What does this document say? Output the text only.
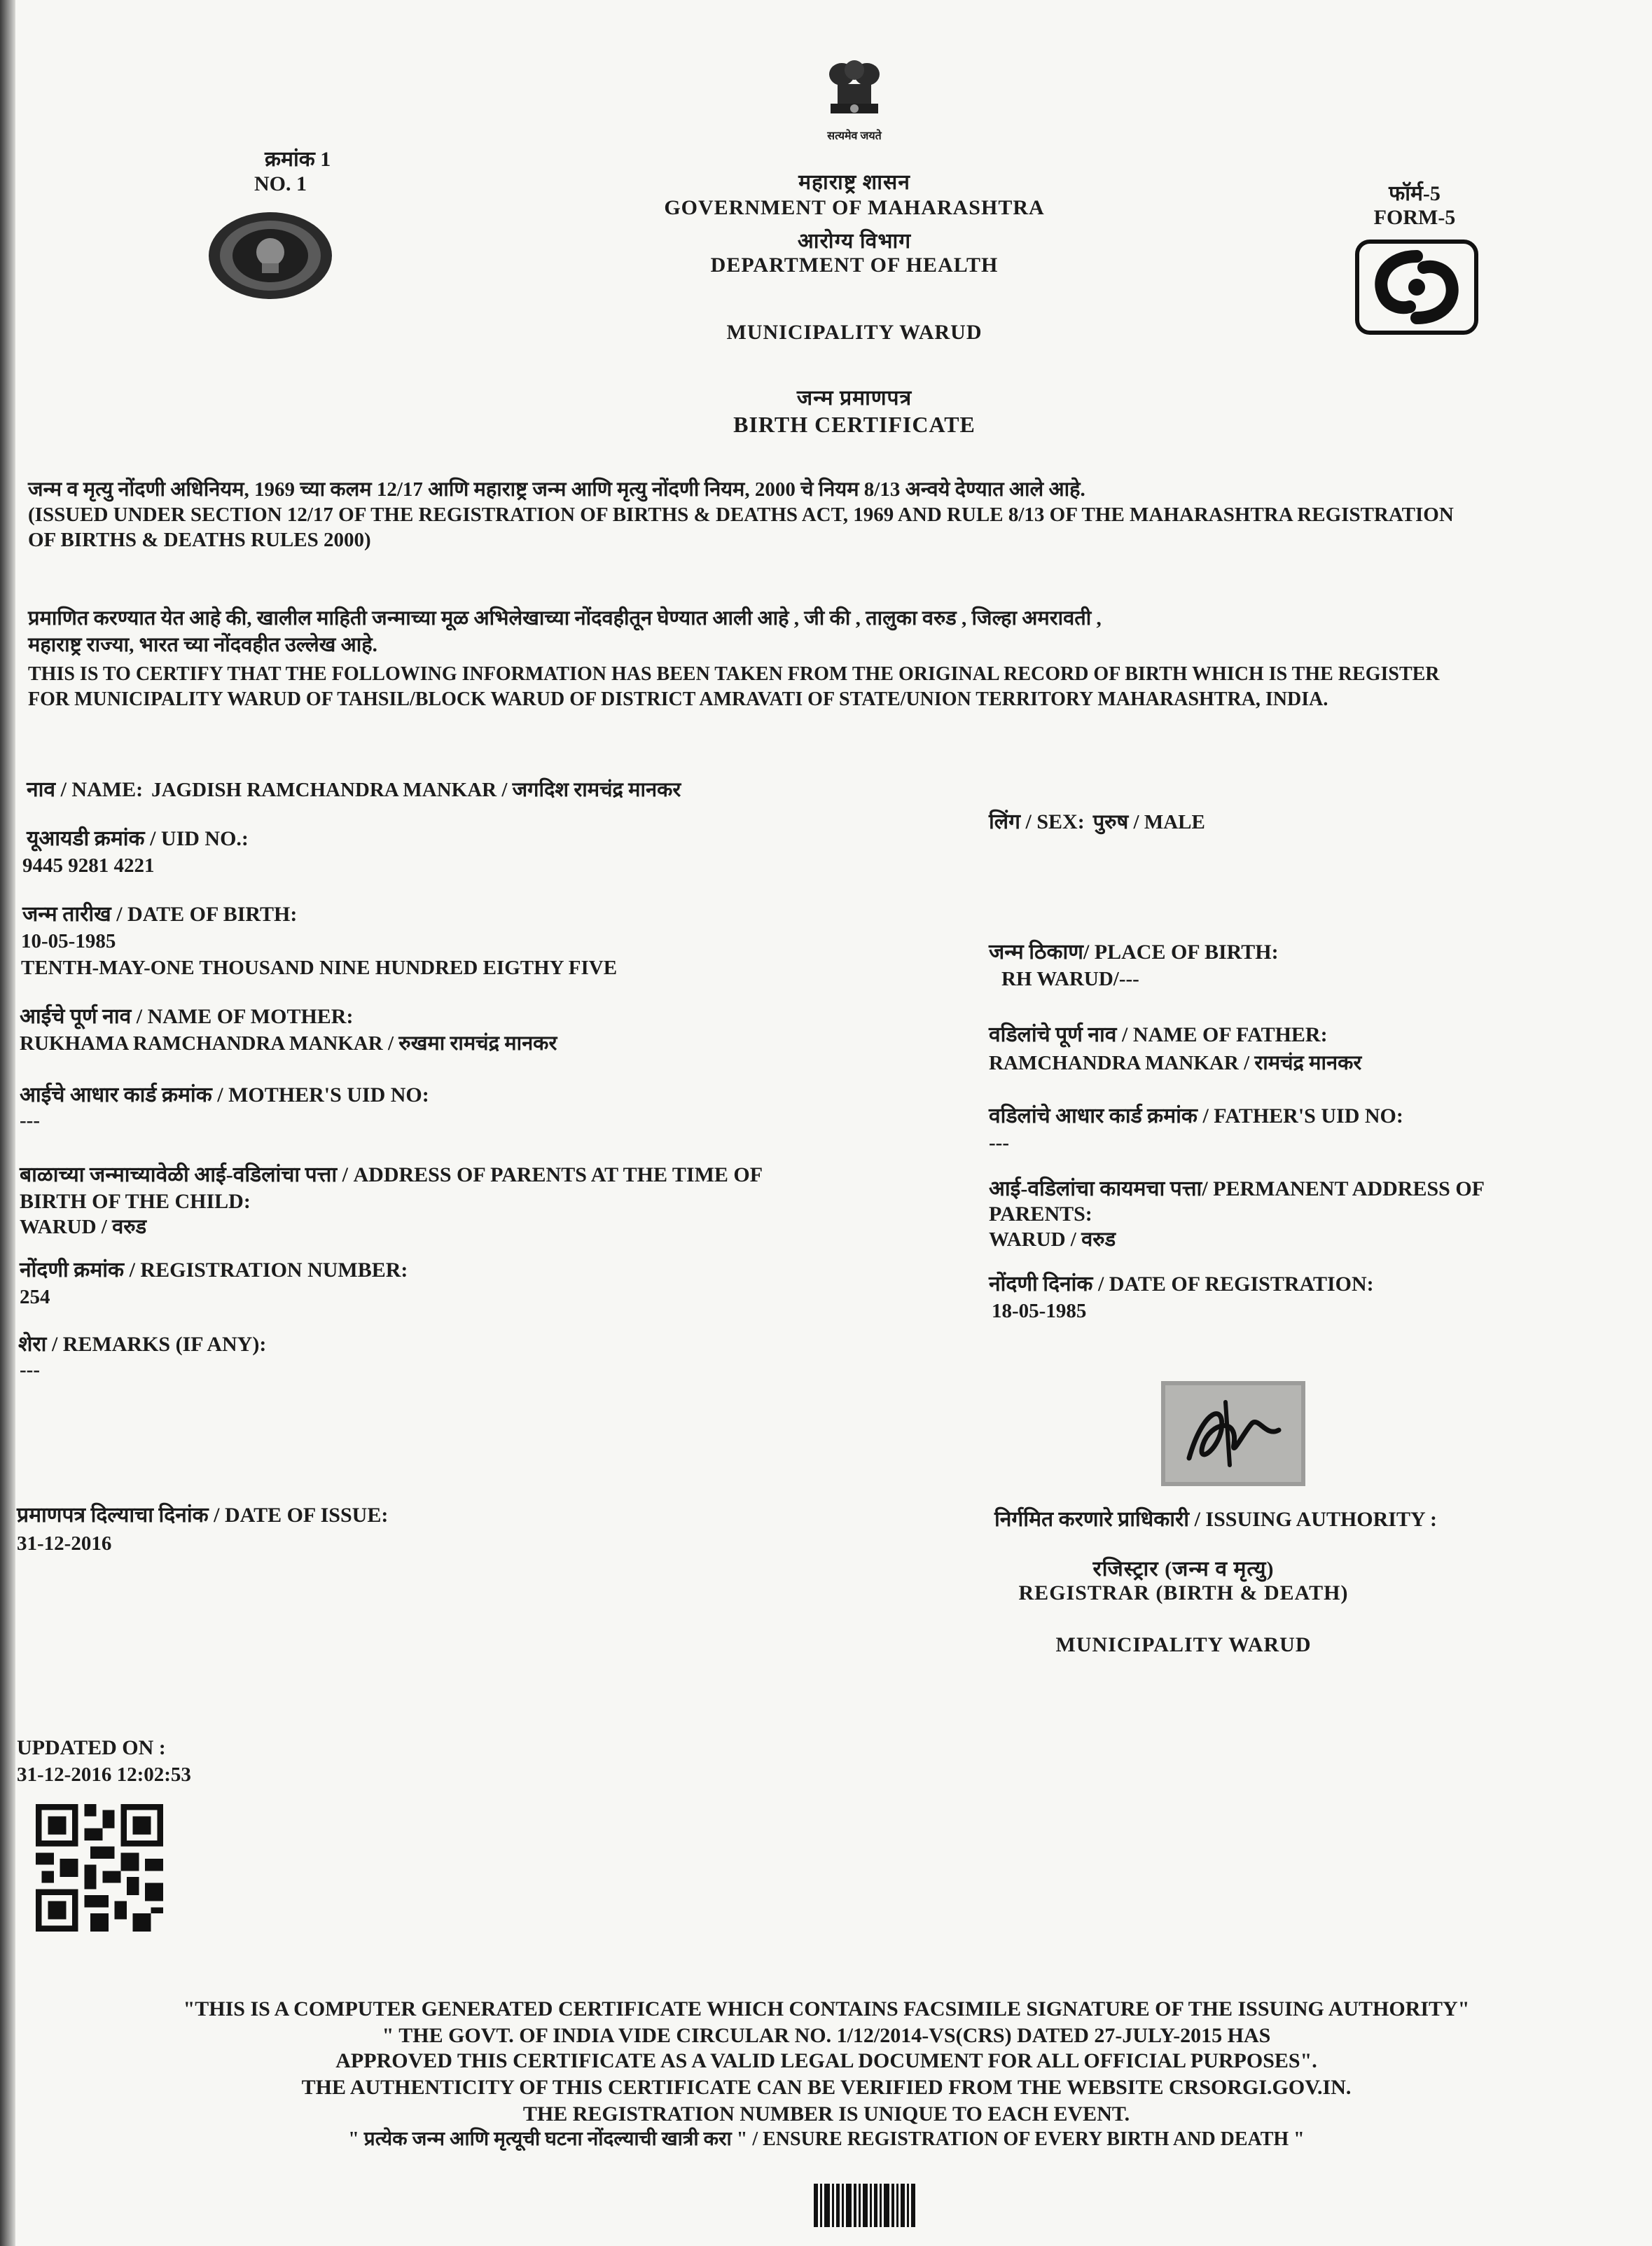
क्रमांक 1
NO. 1
सत्यमेव जयते
महाराष्ट्र शासन
GOVERNMENT OF MAHARASHTRA
आरोग्य विभाग
DEPARTMENT OF HEALTH
फॉर्म-5
FORM-5
MUNICIPALITY WARUD
जन्म प्रमाणपत्र
BIRTH CERTIFICATE
जन्म व मृत्यु नोंदणी अधिनियम, 1969 च्या कलम 12/17 आणि महाराष्ट्र जन्म आणि मृत्यु नोंदणी नियम, 2000 चे नियम 8/13 अन्वये देण्यात आले आहे.
(ISSUED UNDER SECTION 12/17 OF THE REGISTRATION OF BIRTHS & DEATHS ACT, 1969 AND RULE 8/13 OF THE MAHARASHTRA REGISTRATION
OF BIRTHS & DEATHS RULES 2000)
प्रमाणित करण्यात येत आहे की, खालील माहिती जन्माच्या मूळ अभिलेखाच्या नोंदवहीतून घेण्यात आली आहे , जी की , तालुका वरुड , जिल्हा अमरावती ,
महाराष्ट्र राज्या, भारत च्या नोंदवहीत उल्लेख आहे.
THIS IS TO CERTIFY THAT THE FOLLOWING INFORMATION HAS BEEN TAKEN FROM THE ORIGINAL RECORD OF BIRTH WHICH IS THE REGISTER
FOR MUNICIPALITY WARUD OF TAHSIL/BLOCK WARUD OF DISTRICT AMRAVATI OF STATE/UNION TERRITORY MAHARASHTRA, INDIA.
नाव / NAME: JAGDISH RAMCHANDRA MANKAR / जगदिश रामचंद्र मानकर
लिंग / SEX: पुरुष / MALE
यूआयडी क्रमांक / UID NO.:
9445 9281 4221
जन्म तारीख / DATE OF BIRTH:
10-05-1985
TENTH-MAY-ONE THOUSAND NINE HUNDRED EIGTHY FIVE
जन्म ठिकाण/ PLACE OF BIRTH:
RH WARUD/---
आईचे पूर्ण नाव / NAME OF MOTHER:
RUKHAMA RAMCHANDRA MANKAR / रुखमा रामचंद्र मानकर	वडिलांचे पूर्ण नाव / NAME OF FATHER:
RAMCHANDRA MANKAR / रामचंद्र मानकर
आईचे आधार कार्ड क्रमांक / MOTHER'S UID NO:
---	वडिलांचे आधार कार्ड क्रमांक / FATHER'S UID NO:
---
बाळाच्या जन्माच्यावेळी आई-वडिलांचा पत्ता / ADDRESS OF PARENTS AT THE TIME OF
BIRTH OF THE CHILD:
WARUD / वरुड
आई-वडिलांचा कायमचा पत्ता/ PERMANENT ADDRESS OF
PARENTS:
WARUD / वरुड
नोंदणी क्रमांक / REGISTRATION NUMBER:
254
नोंदणी दिनांक / DATE OF REGISTRATION:
18-05-1985
शेरा / REMARKS (IF ANY):
---
प्रमाणपत्र दिल्याचा दिनांक / DATE OF ISSUE:
31-12-2016
निर्गमित करणारे प्राधिकारी / ISSUING AUTHORITY :
रजिस्ट्रार (जन्म व मृत्यु)
REGISTRAR (BIRTH & DEATH)
MUNICIPALITY WARUD
UPDATED ON :
31-12-2016 12:02:53
"THIS IS A COMPUTER GENERATED CERTIFICATE WHICH CONTAINS FACSIMILE SIGNATURE OF THE ISSUING AUTHORITY"
" THE GOVT. OF INDIA VIDE CIRCULAR NO. 1/12/2014-VS(CRS) DATED 27-JULY-2015 HAS
APPROVED THIS CERTIFICATE AS A VALID LEGAL DOCUMENT FOR ALL OFFICIAL PURPOSES".
THE AUTHENTICITY OF THIS CERTIFICATE CAN BE VERIFIED FROM THE WEBSITE CRSORGI.GOV.IN.
THE REGISTRATION NUMBER IS UNIQUE TO EACH EVENT.
" प्रत्येक जन्म आणि मृत्यूची घटना नोंदल्याची खात्री करा " / ENSURE REGISTRATION OF EVERY BIRTH AND DEATH "
